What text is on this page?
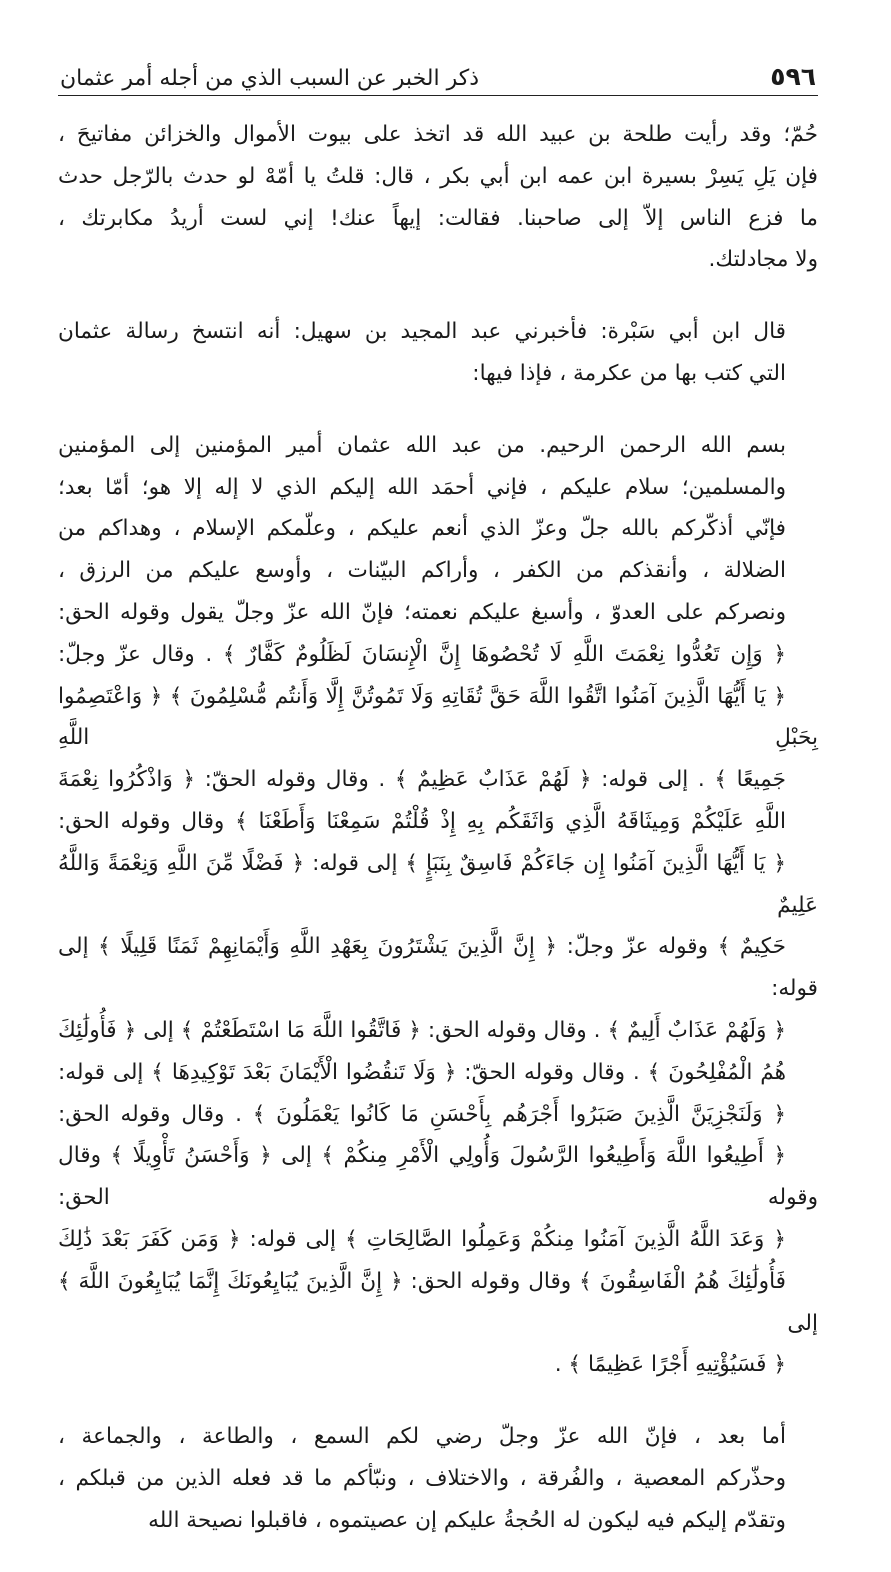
٥٩٦
ذكر الخبر عن السبب الذي من أجله أمر عثمان
حُمّ؛ وقد رأيت طلحة بن عبيد الله قد اتخذ على بيوت الأموال والخزائن مفاتيحَ ،
فإن يَلِ يَسِرْ بسيرة ابن عمه ابن أبي بكر ، قال: قلتُ يا أمّهْ لو حدث بالرّجل حدث
ما فزع الناس إلاّ إلى صاحبنا. فقالت: إيهاً عنك! إني لست أريدُ مكابرتك ،
ولا مجادلتك.
قال ابن أبي سَبْرة: فأخبرني عبد المجيد بن سهيل: أنه انتسخ رسالة عثمان
التي كتب بها من عكرمة ، فإذا فيها:
بسم الله الرحمن الرحيم. من عبد الله عثمان أمير المؤمنين إلى المؤمنين
والمسلمين؛ سلام عليكم ، فإني أحمَد الله إليكم الذي لا إله إلا هو؛ أمّا بعد؛
فإنّي أذكّركم بالله جلّ وعزّ الذي أنعم عليكم ، وعلّمكم الإسلام ، وهداكم من
الضلالة ، وأنقذكم من الكفر ، وأراكم البيّنات ، وأوسع عليكم من الرزق ،
ونصركم على العدوّ ، وأسبغ عليكم نعمته؛ فإنّ الله عزّ وجلّ يقول وقوله الحق:
﴿ وَإِن تَعُدُّوا نِعْمَتَ اللَّهِ لَا تُحْصُوهَا إِنَّ الْإِنسَانَ لَظَلُومٌ كَفَّارٌ ﴾ . وقال عزّ وجلّ:
﴿ يَا أَيُّهَا الَّذِينَ آمَنُوا اتَّقُوا اللَّهَ حَقَّ تُقَاتِهِ وَلَا تَمُوتُنَّ إِلَّا وَأَنتُم مُّسْلِمُونَ ﴾ ﴿ وَاعْتَصِمُوا بِحَبْلِ اللَّهِ
جَمِيعًا ﴾ . إلى قوله: ﴿ لَهُمْ عَذَابٌ عَظِيمٌ ﴾ . وقال وقوله الحقّ: ﴿ وَاذْكُرُوا نِعْمَةَ
اللَّهِ عَلَيْكُمْ وَمِيثَاقَهُ الَّذِي وَاثَقَكُم بِهِ إِذْ قُلْتُمْ سَمِعْنَا وَأَطَعْنَا ﴾ وقال وقوله الحق:
﴿ يَا أَيُّهَا الَّذِينَ آمَنُوا إِن جَاءَكُمْ فَاسِقٌ بِنَبَإٍ ﴾ إلى قوله: ﴿ فَضْلًا مِّنَ اللَّهِ وَنِعْمَةً وَاللَّهُ عَلِيمٌ
حَكِيمٌ ﴾ وقوله عزّ وجلّ: ﴿ إِنَّ الَّذِينَ يَشْتَرُونَ بِعَهْدِ اللَّهِ وَأَيْمَانِهِمْ ثَمَنًا قَلِيلًا ﴾ إلى قوله:
﴿ وَلَهُمْ عَذَابٌ أَلِيمٌ ﴾ . وقال وقوله الحق: ﴿ فَاتَّقُوا اللَّهَ مَا اسْتَطَعْتُمْ ﴾ إلى ﴿ فَأُولَٰئِكَ
هُمُ الْمُفْلِحُونَ ﴾ . وقال وقوله الحقّ: ﴿ وَلَا تَنقُضُوا الْأَيْمَانَ بَعْدَ تَوْكِيدِهَا ﴾ إلى قوله:
﴿ وَلَنَجْزِيَنَّ الَّذِينَ صَبَرُوا أَجْرَهُم بِأَحْسَنِ مَا كَانُوا يَعْمَلُونَ ﴾ . وقال وقوله الحق:
﴿ أَطِيعُوا اللَّهَ وَأَطِيعُوا الرَّسُولَ وَأُولِي الْأَمْرِ مِنكُمْ ﴾ إلى ﴿ وَأَحْسَنُ تَأْوِيلًا ﴾ وقال وقوله الحق:
﴿ وَعَدَ اللَّهُ الَّذِينَ آمَنُوا مِنكُمْ وَعَمِلُوا الصَّالِحَاتِ ﴾ إلى قوله: ﴿ وَمَن كَفَرَ بَعْدَ ذَٰلِكَ
فَأُولَٰئِكَ هُمُ الْفَاسِقُونَ ﴾ وقال وقوله الحق: ﴿ إِنَّ الَّذِينَ يُبَايِعُونَكَ إِنَّمَا يُبَايِعُونَ اللَّهَ ﴾ إلى
﴿ فَسَيُؤْتِيهِ أَجْرًا عَظِيمًا ﴾ .
أما بعد ، فإنّ الله عزّ وجلّ رضي لكم السمع ، والطاعة ، والجماعة ،
وحذّركم المعصية ، والفُرقة ، والاختلاف ، ونبّأكم ما قد فعله الذين من قبلكم ،
وتقدّم إليكم فيه ليكون له الحُجةُ عليكم إن عصيتموه ، فاقبلوا نصيحة الله
